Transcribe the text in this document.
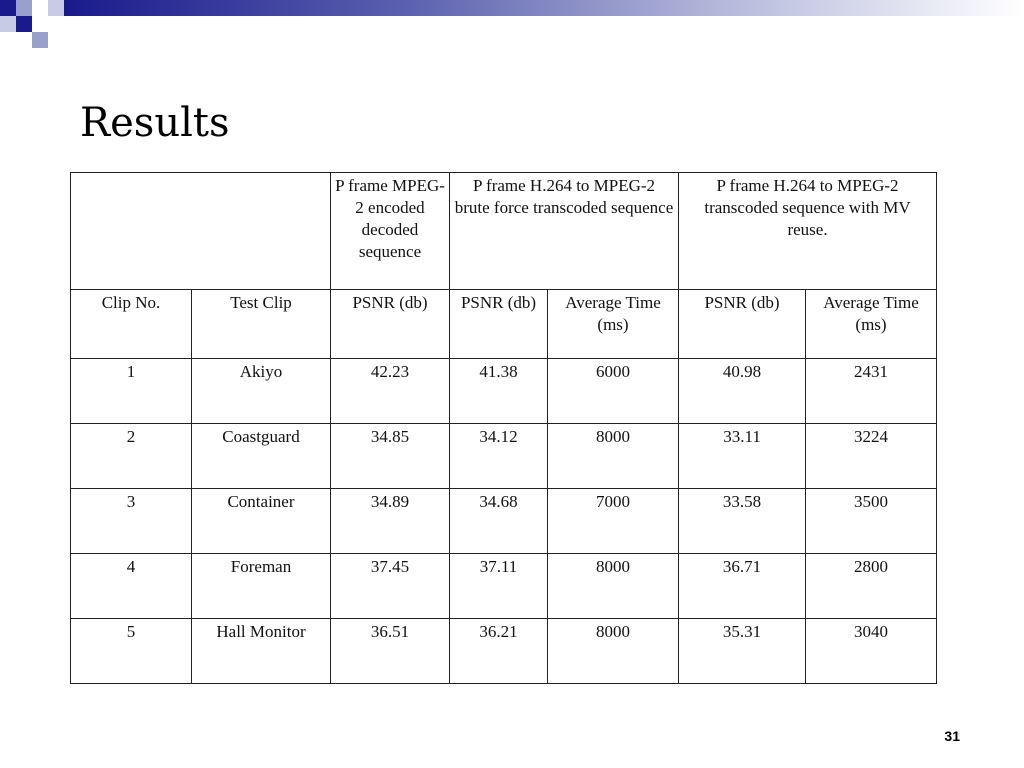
Results
		P frame MPEG-2 encoded decoded sequence	P frame H.264 to MPEG-2 brute force transcoded sequence		P frame H.264 to MPEG-2 transcoded sequence with MV reuse.	
Clip No.	Test Clip	PSNR (db)	PSNR (db)	Average Time (ms)	PSNR (db)	Average Time (ms)
1	Akiyo	42.23	41.38	6000	40.98	2431
2	Coastguard	34.85	34.12	8000	33.11	3224
3	Container	34.89	34.68	7000	33.58	3500
4	Foreman	37.45	37.11	8000	36.71	2800
5	Hall Monitor	36.51	36.21	8000	35.31	3040
31
